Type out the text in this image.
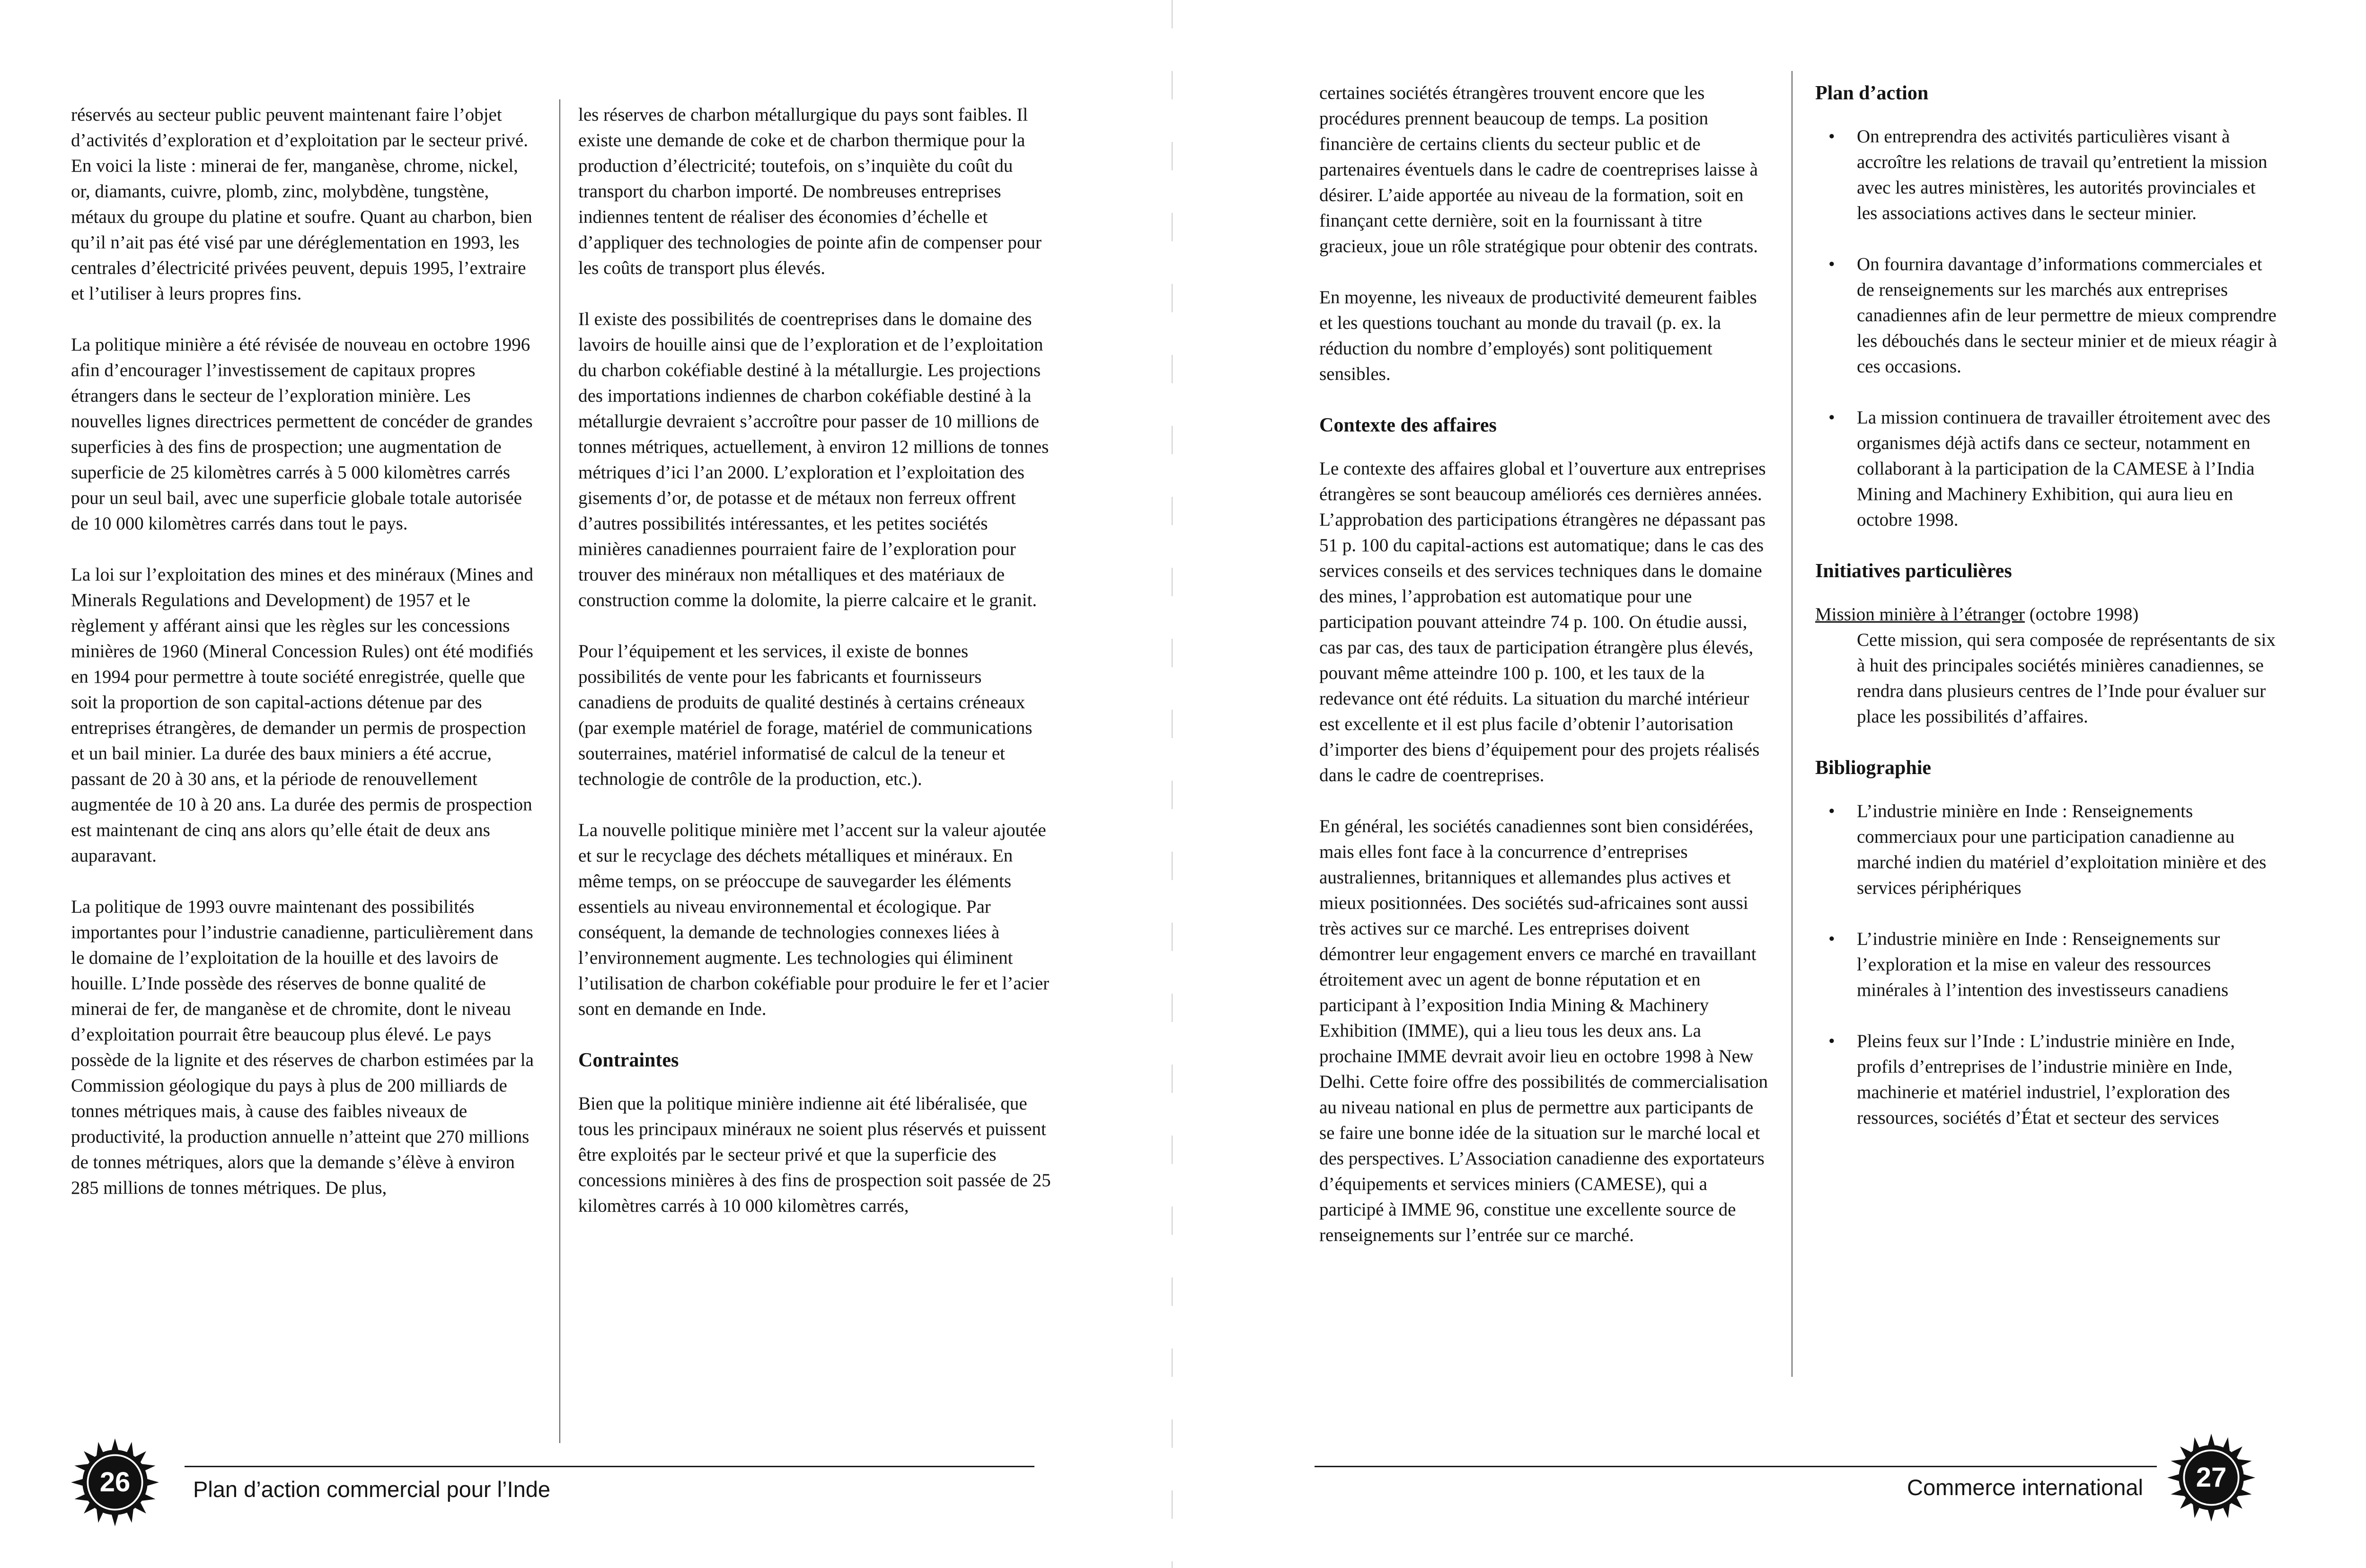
réservés au secteur public peuvent maintenant faire l’objet d’activités d’exploration et d’exploitation par le secteur privé. En voici la liste : minerai de fer, manganèse, chrome, nickel, or, diamants, cuivre, plomb, zinc, molybdène, tungstène, métaux du groupe du platine et soufre. Quant au charbon, bien qu’il n’ait pas été visé par une déréglementation en 1993, les centrales d’électricité privées peuvent, depuis 1995, l’extraire et l’utiliser à leurs propres fins.

La politique minière a été révisée de nouveau en octobre 1996 afin d’encourager l’investissement de capitaux propres étrangers dans le secteur de l’exploration minière. Les nouvelles lignes directrices permettent de concéder de grandes superficies à des fins de prospection; une augmentation de superficie de 25 kilomètres carrés à 5 000 kilomètres carrés pour un seul bail, avec une superficie globale totale autorisée de 10 000 kilomètres carrés dans tout le pays.

La loi sur l’exploitation des mines et des minéraux (Mines and Minerals Regulations and Development) de 1957 et le règlement y afférant ainsi que les règles sur les concessions minières de 1960 (Mineral Concession Rules) ont été modifiés en 1994 pour permettre à toute société enregistrée, quelle que soit la proportion de son capital-actions détenue par des entreprises étrangères, de demander un permis de prospection et un bail minier. La durée des baux miniers a été accrue, passant de 20 à 30 ans, et la période de renouvellement augmentée de 10 à 20 ans. La durée des permis de prospection est maintenant de cinq ans alors qu’elle était de deux ans auparavant.

La politique de 1993 ouvre maintenant des possibilités importantes pour l’industrie canadienne, particulièrement dans le domaine de l’exploitation de la houille et des lavoirs de houille. L’Inde possède des réserves de bonne qualité de minerai de fer, de manganèse et de chromite, dont le niveau d’exploitation pourrait être beaucoup plus élevé. Le pays possède de la lignite et des réserves de charbon estimées par la Commission géologique du pays à plus de 200 milliards de tonnes métriques mais, à cause des faibles niveaux de productivité, la production annuelle n’atteint que 270 millions de tonnes métriques, alors que la demande s’élève à environ 285 millions de tonnes métriques. De plus,

les réserves de charbon métallurgique du pays sont faibles. Il existe une demande de coke et de charbon thermique pour la production d’électricité; toutefois, on s’inquiète du coût du transport du charbon importé. De nombreuses entreprises indiennes tentent de réaliser des économies d’échelle et d’appliquer des technologies de pointe afin de compenser pour les coûts de transport plus élevés.

Il existe des possibilités de coentreprises dans le domaine des lavoirs de houille ainsi que de l’exploration et de l’exploitation du charbon cokéfiable destiné à la métallurgie. Les projections des importations indiennes de charbon cokéfiable destiné à la métallurgie devraient s’accroître pour passer de 10 millions de tonnes métriques, actuellement, à environ 12 millions de tonnes métriques d’ici l’an 2000. L’exploration et l’exploitation des gisements d’or, de potasse et de métaux non ferreux offrent d’autres possibilités intéressantes, et les petites sociétés minières canadiennes pourraient faire de l’exploration pour trouver des minéraux non métalliques et des matériaux de construction comme la dolomite, la pierre calcaire et le granit.

Pour l’équipement et les services, il existe de bonnes possibilités de vente pour les fabricants et fournisseurs canadiens de produits de qualité destinés à certains créneaux (par exemple matériel de forage, matériel de communications souterraines, matériel informatisé de calcul de la teneur et technologie de contrôle de la production, etc.).

La nouvelle politique minière met l’accent sur la valeur ajoutée et sur le recyclage des déchets métalliques et minéraux. En même temps, on se préoccupe de sauvegarder les éléments essentiels au niveau environnemental et écologique. Par conséquent, la demande de technologies connexes liées à l’environnement augmente. Les technologies qui éliminent l’utilisation de charbon cokéfiable pour produire le fer et l’acier sont en demande en Inde.

Contraintes

Bien que la politique minière indienne ait été libéralisée, que tous les principaux minéraux ne soient plus réservés et puissent être exploités par le secteur privé et que la superficie des concessions minières à des fins de prospection soit passée de 25 kilomètres carrés à 10 000 kilomètres carrés,

26	Plan d’action commercial pour l’Inde

certaines sociétés étrangères trouvent encore que les procédures prennent beaucoup de temps. La position financière de certains clients du secteur public et de partenaires éventuels dans le cadre de coentreprises laisse à désirer. L’aide apportée au niveau de la formation, soit en finançant cette dernière, soit en la fournissant à titre gracieux, joue un rôle stratégique pour obtenir des contrats.

En moyenne, les niveaux de productivité demeurent faibles et les questions touchant au monde du travail (p. ex. la réduction du nombre d’employés) sont politiquement sensibles.

Contexte des affaires

Le contexte des affaires global et l’ouverture aux entreprises étrangères se sont beaucoup améliorés ces dernières années. L’approbation des participations étrangères ne dépassant pas 51 p. 100 du capital-actions est automatique; dans le cas des services conseils et des services techniques dans le domaine des mines, l’approbation est automatique pour une participation pouvant atteindre 74 p. 100. On étudie aussi, cas par cas, des taux de participation étrangère plus élevés, pouvant même atteindre 100 p. 100, et les taux de la redevance ont été réduits. La situation du marché intérieur est excellente et il est plus facile d’obtenir l’autorisation d’importer des biens d’équipement pour des projets réalisés dans le cadre de coentreprises.

En général, les sociétés canadiennes sont bien considérées, mais elles font face à la concurrence d’entreprises australiennes, britanniques et allemandes plus actives et mieux positionnées. Des sociétés sud-africaines sont aussi très actives sur ce marché. Les entreprises doivent démontrer leur engagement envers ce marché en travaillant étroitement avec un agent de bonne réputation et en participant à l’exposition India Mining & Machinery Exhibition (IMME), qui a lieu tous les deux ans. La prochaine IMME devrait avoir lieu en octobre 1998 à New Delhi. Cette foire offre des possibilités de commercialisation au niveau national en plus de permettre aux participants de se faire une bonne idée de la situation sur le marché local et des perspectives. L’Association canadienne des exportateurs d’équipements et services miniers (CAMESE), qui a participé à IMME 96, constitue une excellente source de renseignements sur l’entrée sur ce marché.

Plan d’action
• On entreprendra des activités particulières visant à accroître les relations de travail qu’entretient la mission avec les autres ministères, les autorités provinciales et les associations actives dans le secteur minier.
• On fournira davantage d’informations commerciales et de renseignements sur les marchés aux entreprises canadiennes afin de leur permettre de mieux comprendre les débouchés dans le secteur minier et de mieux réagir à ces occasions.
• La mission continuera de travailler étroitement avec des organismes déjà actifs dans ce secteur, notamment en collaborant à la participation de la CAMESE à l’India Mining and Machinery Exhibition, qui aura lieu en octobre 1998.
Initiatives particulières
Mission minière à l’étranger (octobre 1998)
Cette mission, qui sera composée de représentants de six à huit des principales sociétés minières canadiennes, se rendra dans plusieurs centres de l’Inde pour évaluer sur place les possibilités d’affaires.
Bibliographie
• L’industrie minière en Inde : Renseignements commerciaux pour une participation canadienne au marché indien du matériel d’exploitation minière et des services périphériques
• L’industrie minière en Inde : Renseignements sur l’exploration et la mise en valeur des ressources minérales à l’intention des investisseurs canadiens
• Pleins feux sur l’Inde : L’industrie minière en Inde, profils d’entreprises de l’industrie minière en Inde, machinerie et matériel industriel, l’exploration des ressources, sociétés d’État et secteur des services
Commerce international	27
